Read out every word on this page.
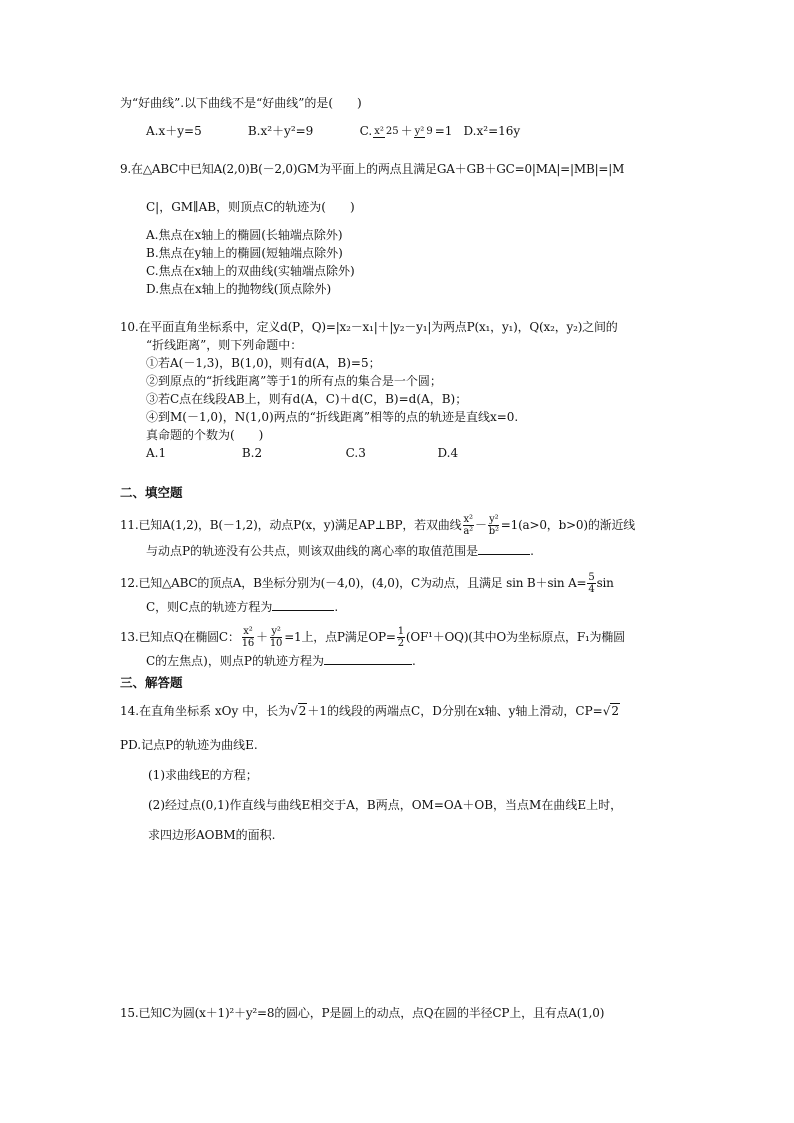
为“好曲线”.以下曲线不是“好曲线”的是(　　)
A.x＋y=5	B.x²＋y²=9	C. x² 25 ＋ y² 9 =1 D.x²=16y
9.在△ABC中已知A(2,0)B(－2,0)GM为平面上的两点且满足GA＋GB＋GC=0|MA|=|MB|=|M
C|，GM∥AB，则顶点C的轨迹为(　　)
A.焦点在x轴上的椭圆(长轴端点除外)
B.焦点在y轴上的椭圆(短轴端点除外)
C.焦点在x轴上的双曲线(实轴端点除外)
D.焦点在x轴上的抛物线(顶点除外)
10.在平面直角坐标系中，定义d(P，Q)=|x₂－x₁|＋|y₂－y₁|为两点P(x₁，y₁)，Q(x₂，y₂)之间的
“折线距离”，则下列命题中：
①若A(－1,3)，B(1,0)，则有d(A，B)=5；
②到原点的“折线距离”等于1的所有点的集合是一个圆；
③若C点在线段AB上，则有d(A，C)＋d(C，B)=d(A，B)；
④到M(－1,0)，N(1,0)两点的“折线距离”相等的点的轨迹是直线x=0.
真命题的个数为(　　)
A.1	B.2	C.3	D.4
二、填空题
11.已知A(1,2)，B(－1,2)，动点P(x，y)满足AP⊥BP，若双曲线 $\frac{\text{x²}}{\text{a²}} - \frac{\text{y²}}{\text{b²}} =1(a>0$，b>0)的渐近线
与动点P的轨迹没有公共点，则该双曲线的离心率的取值范围是	.
12.已知△ABC的顶点A，B坐标分别为(－4,0)，(4,0)，C为动点，且满足 sin B＋sin $A= \frac{5}{4}$ sin
C，则C点的轨迹方程为	.
13.已知点Q在椭圆C： $\frac{\text{x²}}{16} + \frac{\text{y²}}{10} =1$上，点P满足$OP= \frac{1}{2} (OF^1+OQ)$(其中O为坐标原点，F₁为椭圆
C的左焦点)，则点P的轨迹方程为	.
三、解答题
14.在直角坐标系 xOy 中，长为√2＋1的线段的两端点C，D分别在x轴、y轴上滑动，CP=√2
PD.记点P的轨迹为曲线E.
(1)求曲线E的方程；
(2)经过点(0,1)作直线与曲线E相交于A，B两点，OM=OA＋OB，当点M在曲线E上时，
求四边形AOBM的面积.
15.已知C为圆(x＋1)²＋y²=8的圆心，P是圆上的动点，点Q在圆的半径CP上，且有点A(1,0)
